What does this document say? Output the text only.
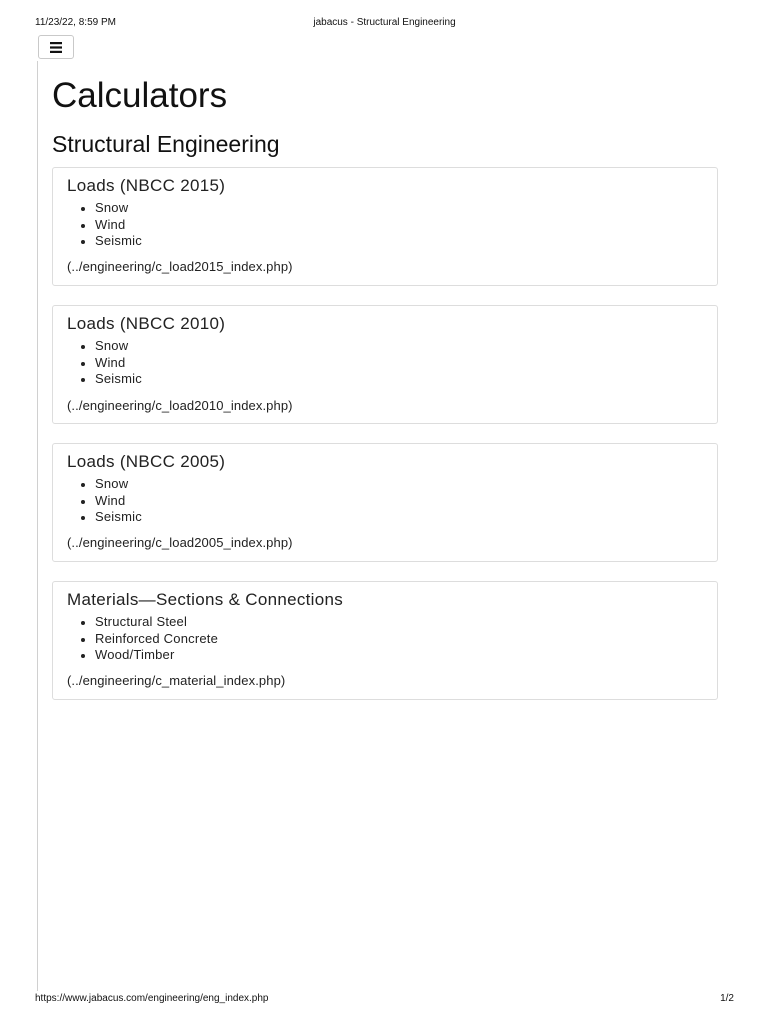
11/23/22, 8:59 PM	jabacus - Structural Engineering
Calculators
Structural Engineering
Loads (NBCC 2015)
Snow
Wind
Seismic
(../engineering/c_load2015_index.php)
Loads (NBCC 2010)
Snow
Wind
Seismic
(../engineering/c_load2010_index.php)
Loads (NBCC 2005)
Snow
Wind
Seismic
(../engineering/c_load2005_index.php)
Materials—Sections & Connections
Structural Steel
Reinforced Concrete
Wood/Timber
(../engineering/c_material_index.php)
https://www.jabacus.com/engineering/eng_index.php	1/2
